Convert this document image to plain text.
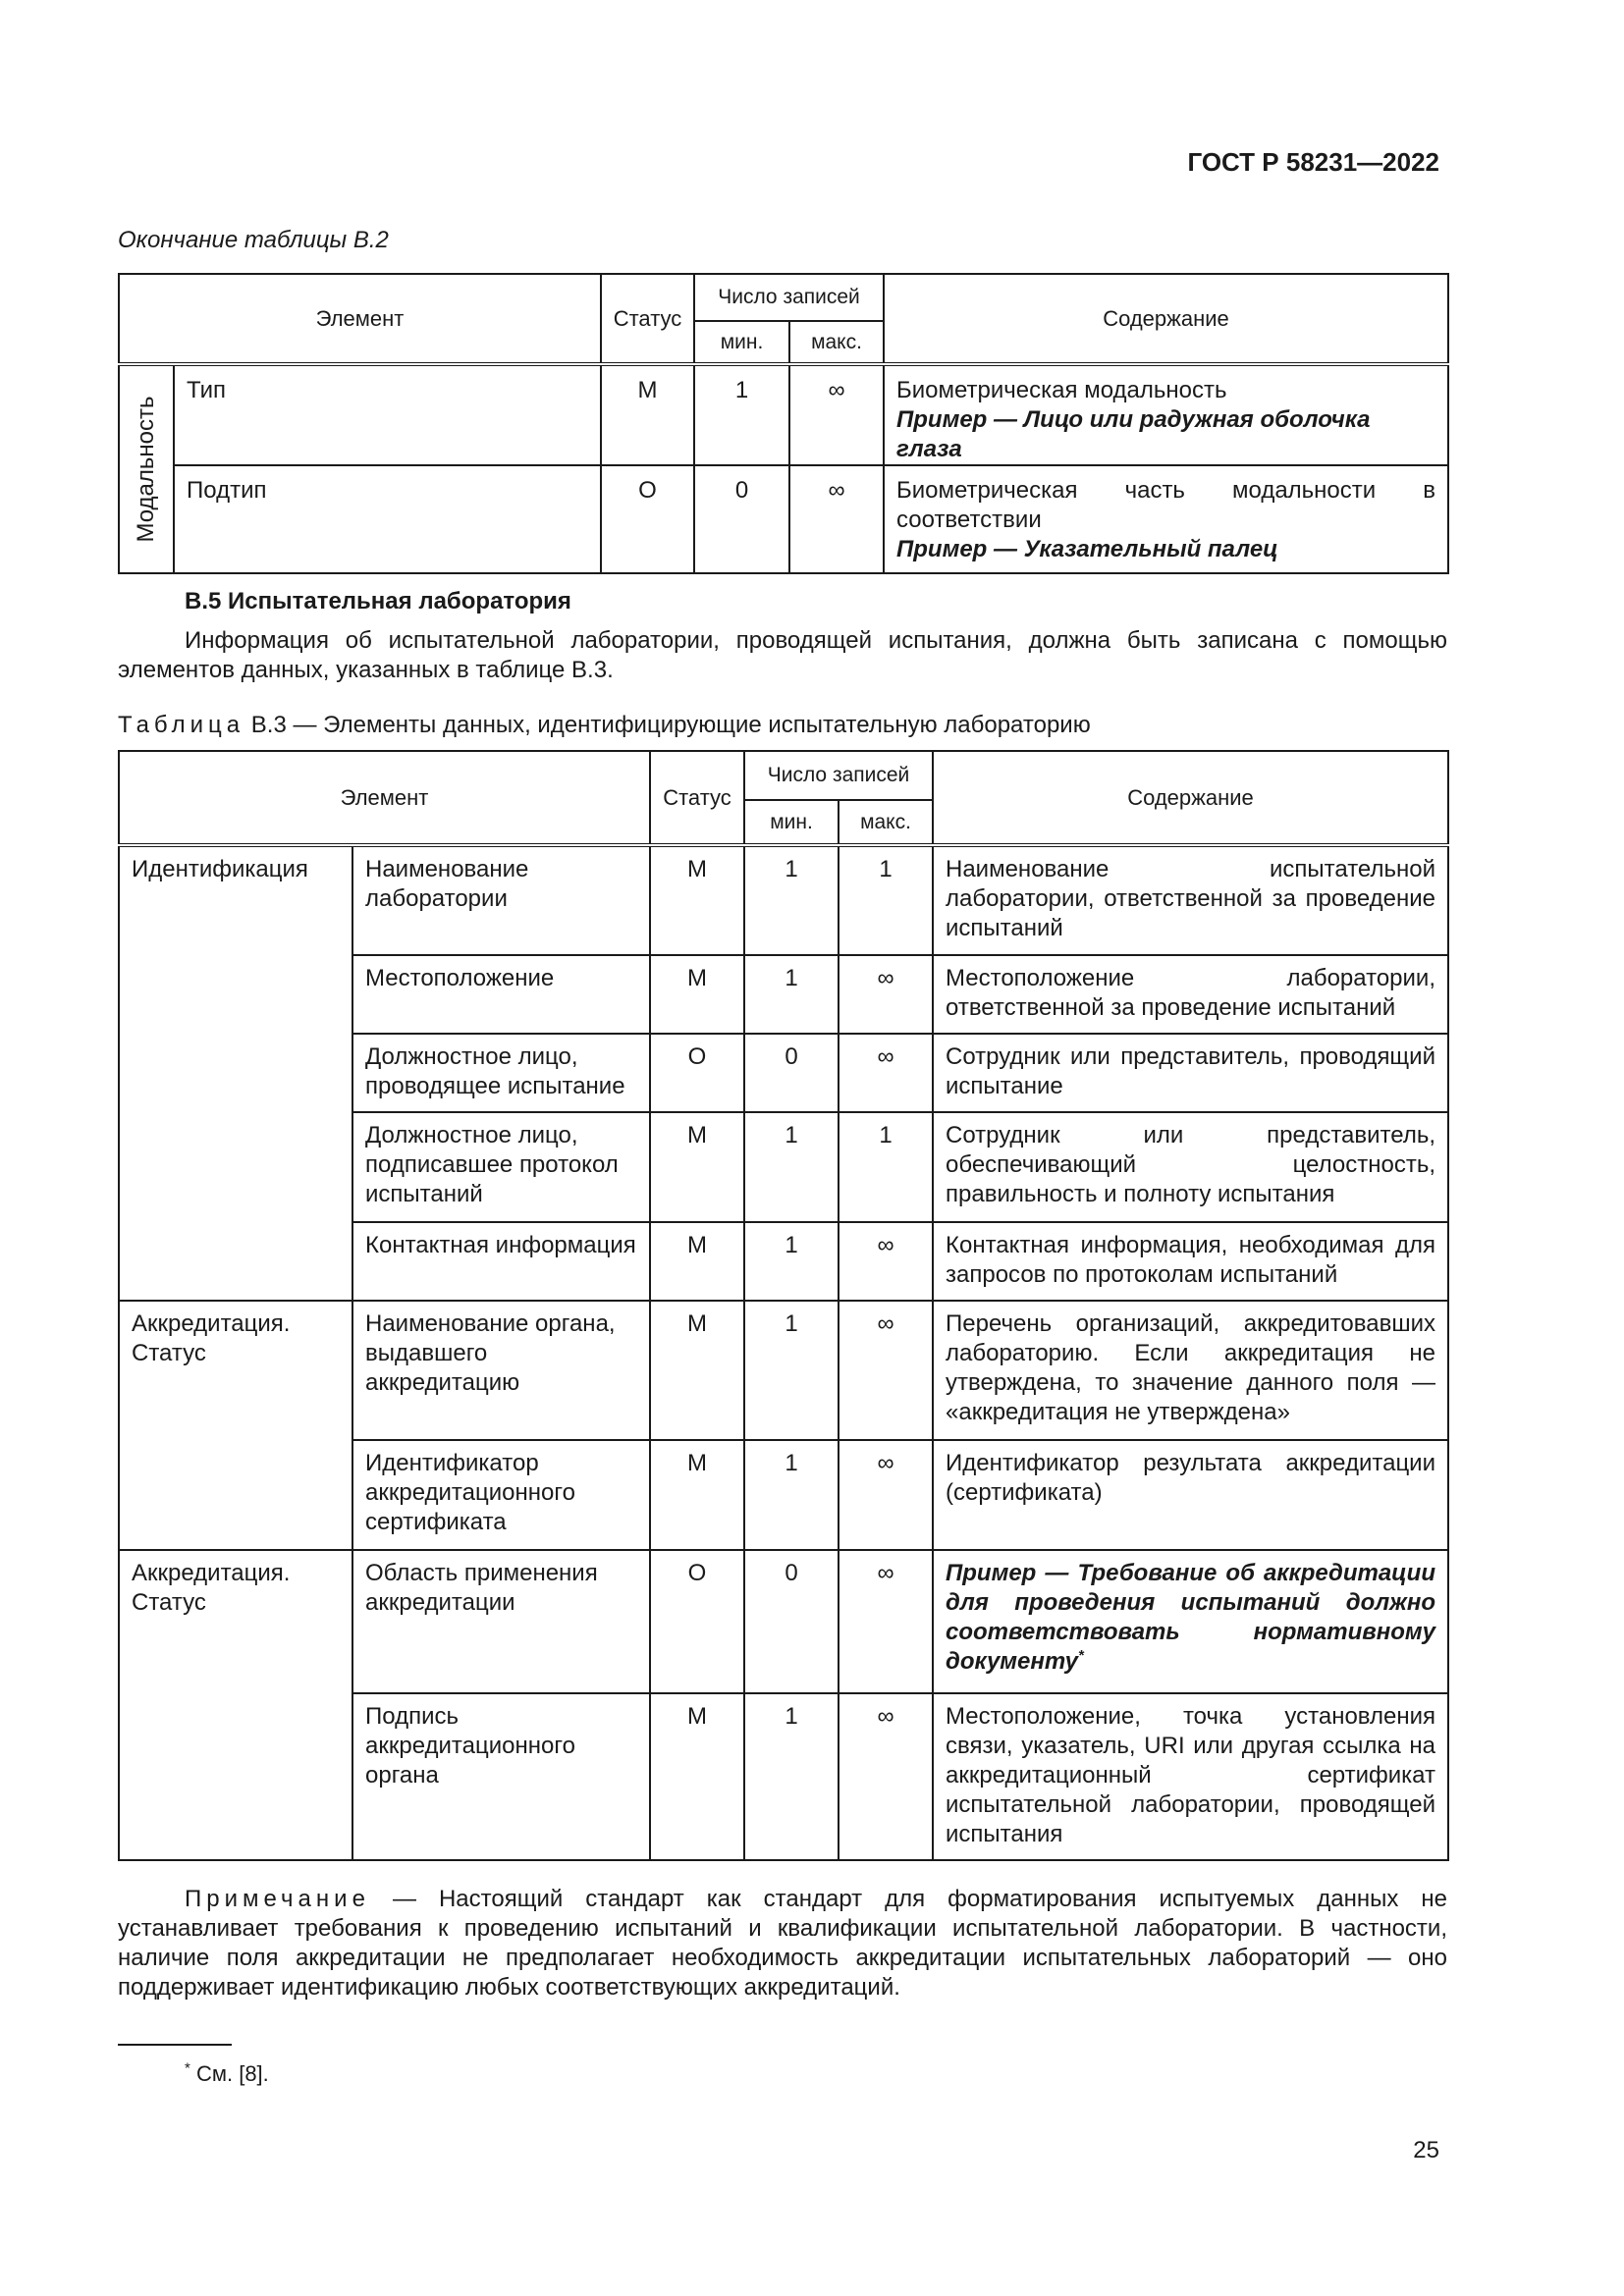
ГОСТ Р 58231—2022
Окончание таблицы В.2
Элемент		Статус	Число записей		Содержание
			мин.	макс.	

Модальность	Тип	M	1	∞	Биометрическая модальность
Пример — Лицо или радужная оболочка глаза

	Подтип	O	0	∞	Биометрическая часть модальности в соответствии
Пример — Указательный палец
В.5 Испытательная лаборатория
Информация об испытательной лаборатории, проводящей испытания, должна быть записана с помощью элементов данных, указанных в таблице В.3.
Таблица В.3 — Элементы данных, идентифицирующие испытательную лабораторию
Элемент		Статус	Число записей		Содержание
			мин.	макс.	
Идентификация	Наименование лаборатории	M	1	1	Наименование испытательной лаборатории, ответственной за проведение испытаний
	Местоположение	M	1	∞	Местоположение лаборатории, ответственной за проведение испытаний
	Должностное лицо, проводящее испытание	O	0	∞	Сотрудник или представитель, проводящий испытание
	Должностное лицо, подписавшее протокол испытаний	M	1	1	Сотрудник или представитель, обеспечивающий целостность, правильность и полноту испытания
	Контактная информация	M	1	∞	Контактная информация, необходимая для запросов по протоколам испытаний
Аккредитация. Статус	Наименование органа, выдавшего аккредитацию	M	1	∞	Перечень организаций, аккредитовавших лабораторию. Если аккредитация не утверждена, то значение данного поля — «аккредитация не утверждена»
	Идентификатор аккредитационного сертификата	M	1	∞	Идентификатор результата аккредитации (сертификата)
Аккредитация. Статус	Область применения аккредитации	O	0	∞	Пример — Требование об аккредитации для проведения испытаний должно соответствовать нормативному документу*
	Подпись аккредитационного органа	M	1	∞	Местоположение, точка установления связи, указатель, URI или другая ссылка на аккредитационный сертификат испытательной лаборатории, проводящей испытания
Примечание — Настоящий стандарт как стандарт для форматирования испытуемых данных не устанавливает требования к проведению испытаний и квалификации испытательной лаборатории. В частности, наличие поля аккредитации не предполагает необходимость аккредитации испытательных лабораторий — оно поддерживает идентификацию любых соответствующих аккредитаций.
* См. [8].
25
